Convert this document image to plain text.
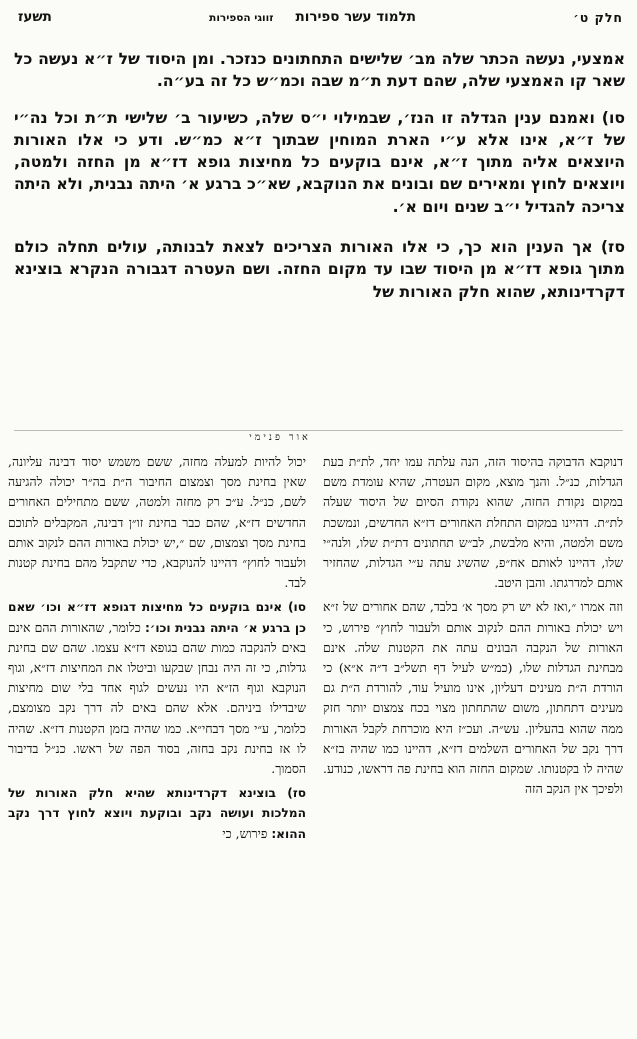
חלק ט׳
תלמוד עשר ספירות
זווגי הספירות
תשעז

אמצעי, נעשה הכתר שלה מב׳ שלישים התחתונים כנזכר. ומן היסוד של ז״א נעשה כל שאר קו האמצעי שלה, שהם דעת ת״מ שבה וכמ״ש כל זה בע״ה.

סו) ואמנם ענין הגדלה זו הנז׳, שבמילוי י״ס שלה, כשיעור ב׳ שלישי ת״ת וכל נה״י של ז״א, אינו אלא ע״י הארת המוחין שבתוך ז״א כמ״ש. ודע כי אלו האורות היוצאים אליה מתוך ז״א, אינם בוקעים כל מחיצות גופא דז״א מן החזה ולמטה, ויוצאים לחוץ ומאירים שם ובונים את הנוקבא, שא״כ ברגע א׳ היתה נבנית, ולא היתה צריכה להגדיל י״ב שנים ויום א׳.

סז) אך הענין הוא כך, כי אלו האורות הצריכים לצאת לבנותה, עולים תחלה כולם מתוך גופא דז״א מן היסוד שבו עד מקום החזה. ושם העטרה דגבורה הנקרא בוצינא דקרדינותא, שהוא חלק האורות של

אור פנימי

דנוקבא הדבוקה בהיסוד הזה, הנה עלתה עמו יחד, לת״ת בעת הגדלות, כנ״ל. והנך מוצא, מקום העטרה, שהיא עומדת משם במקום נקודת החזה, שהוא נקודת הסיום של היסוד שעלה לת״ת. דהיינו במקום התחלת האחורים דז״א החדשים, ונמשכת משם ולמטה, והיא מלבשת, לב״ש תחתונים דת״ת שלו, ולנה״י שלו, דהיינו לאותם אח״פ, שהשיג עתה ע״י הגדלות, שהחזיר אותם למדרגתו. והבן היטב.

וזה אמרו ״,ואז לא יש רק מסך א׳ בלבד, שהם אחורים של ז״א ויש יכולת באורות ההם לנקוב אותם ולעבור לחוץ״ פירוש, כי האורות של הנקבה הבונים עתה את הקטנות שלה. אינם מבחינת הגדלות שלו, (כמ״ש לעיל דף תשל״ב ד״ה א״א) כי הורדת ה״ת מעינים דעליון, אינו מועיל עוד, להורדת ה״ת גם מעינים דתחתון, משום שהתחתון מצוי בכח צמצום יותר חזק ממה שהוא בהעליון. עש״ה. ועכ״ז היא מוכרחת לקבל האורות דרך נקב של האחורים השלמים דז״א, דהיינו כמו שהיה בז״א שהיה לו בקטנותו. שמקום החזה הוא בחינת פה דראשו, כנודע. ולפיכך אין הנקב הזה

יכול להיות למעלה מחזה, ששם משמש יסוד דבינה עליונה, שאין בחינת מסך וצמצום החיבור ה״ת בה״ר יכולה להגיעה לשם, כנ״ל. ע״כ רק מחזה ולמטה, ששם מתחילים האחורים החדשים דז״א, שהם כבר בחינת זו״ן דבינה, המקבלים לתוכם בחינת מסך וצמצום, שם ״,יש יכולת באורות ההם לנקוב אותם ולעבור לחוץ״ דהיינו להנוקבא, כדי שתקבל מהם בחינת קטנות לבד.

סו) אינם בוקעים כל מחיצות דגופא דז״א וכו׳ שאם כן ברגע א׳ היתה נבנית וכו׳: כלומר, שהאורות ההם אינם באים להנקבה כמות שהם בגופא דז״א עצמו. שהם שם בחינת גדלות, כי זה היה נבחן שבקעו וביטלו את המחיצות דז״א, וגוף הנוקבא וגוף הז״א היו נעשים לגוף אחד בלי שום מחיצות שיבדילו ביניהם. אלא שהם באים לה דרך נקב מצומצם, כלומר, ע״י מסך דבחי״א. כמו שהיה בזמן הקטנות דז״א. שהיה לו אז בחינת נקב בחזה, בסוד הפה של ראשו. כנ״ל בדיבור הסמוך.

סז) בוצינא דקרדינותא שהיא חלק האורות של המלכות ועושה נקב ובוקעת ויוצא לחוץ דרך נקב ההוא: פירוש, כי
